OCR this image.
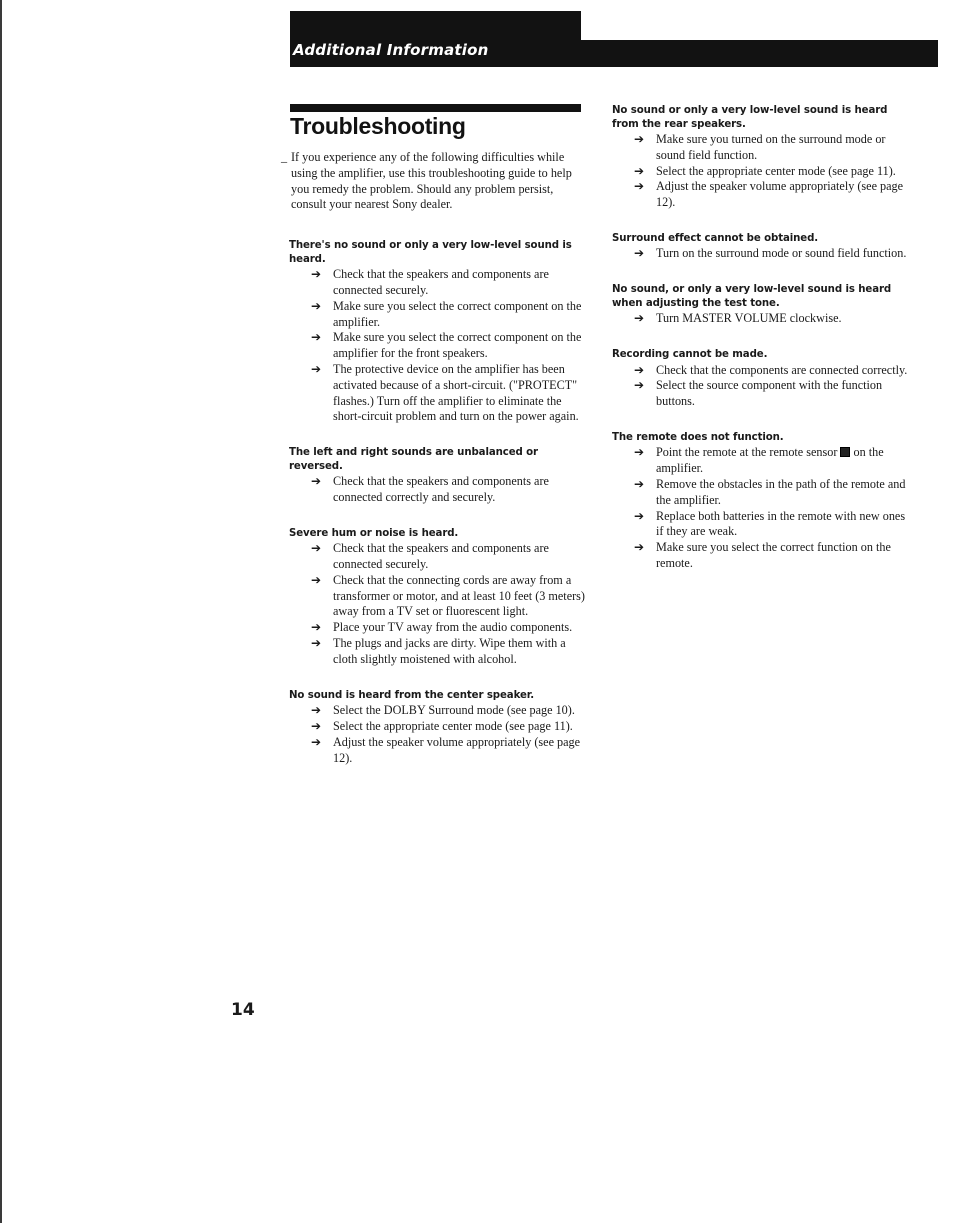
Additional Information
Troubleshooting

_ If you experience any of the following difficulties while using the amplifier, use this troubleshooting guide to help you remedy the problem. Should any problem persist, consult your nearest Sony dealer.

There's no sound or only a very low-level sound is heard.
➔ Check that the speakers and components are connected securely.
➔ Make sure you select the correct component on the amplifier.
➔ Make sure you select the correct component on the amplifier for the front speakers.
➔ The protective device on the amplifier has been activated because of a short-circuit. ("PROTECT" flashes.) Turn off the amplifier to eliminate the short-circuit problem and turn on the power again.
The left and right sounds are unbalanced or reversed.
➔ Check that the speakers and components are connected correctly and securely.
Severe hum or noise is heard.
➔ Check that the speakers and components are connected securely.
➔ Check that the connecting cords are away from a transformer or motor, and at least 10 feet (3 meters) away from a TV set or fluorescent light.
➔ Place your TV away from the audio components.
➔ The plugs and jacks are dirty. Wipe them with a cloth slightly moistened with alcohol.
No sound is heard from the center speaker.
➔ Select the DOLBY Surround mode (see page 10).
➔ Select the appropriate center mode (see page 11).
➔ Adjust the speaker volume appropriately (see page 12).
No sound or only a very low-level sound is heard from the rear speakers.
➔ Make sure you turned on the surround mode or sound field function.
➔ Select the appropriate center mode (see page 11).
➔ Adjust the speaker volume appropriately (see page 12).
Surround effect cannot be obtained.
➔ Turn on the surround mode or sound field function.
No sound, or only a very low-level sound is heard when adjusting the test tone.
➔ Turn MASTER VOLUME clockwise.
Recording cannot be made.
➔ Check that the components are connected correctly.
➔ Select the source component with the function buttons.
The remote does not function.
➔ Point the remote at the remote sensor  on the amplifier.
➔ Remove the obstacles in the path of the remote and the amplifier.
➔ Replace both batteries in the remote with new ones if they are weak.
➔ Make sure you select the correct function on the remote.
14
